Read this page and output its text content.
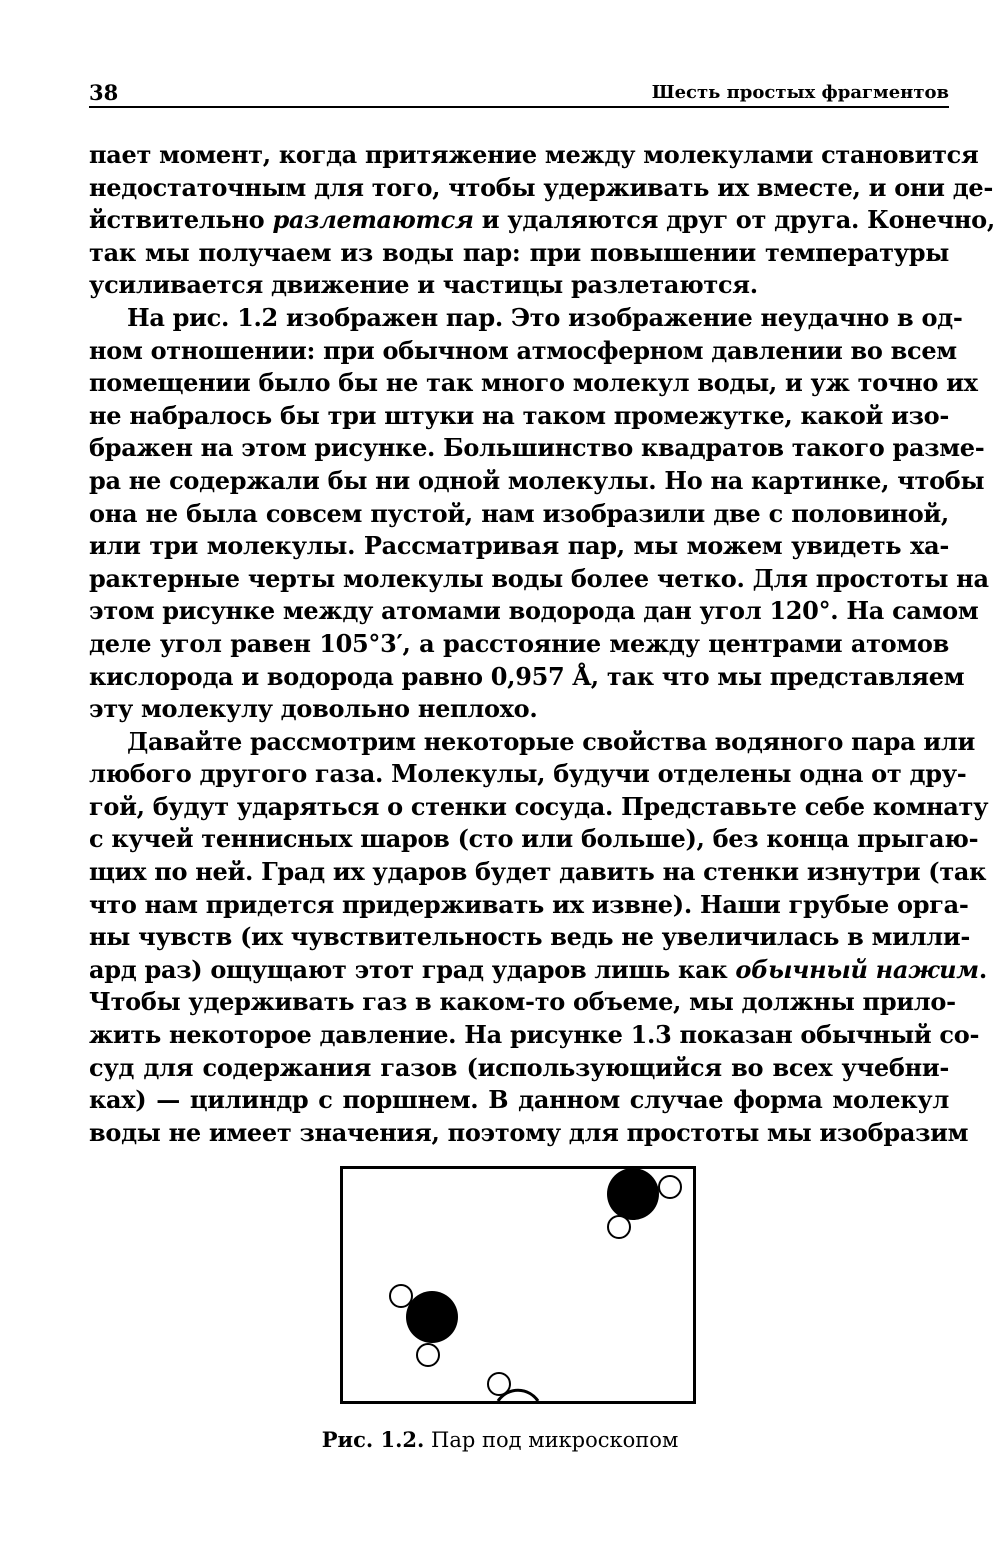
38	Шесть простых фрагментов
пает момент, когда притяжение между молекулами становится
недостаточным для того, чтобы удерживать их вместе, и они де-
йствительно разлетаются и удаляются друг от друга. Конечно,
так мы получаем из воды пар: при повышении температуры
усиливается движение и частицы разлетаются.
На рис. 1.2 изображен пар. Это изображение неудачно в од-
ном отношении: при обычном атмосферном давлении во всем
помещении было бы не так много молекул воды, и уж точно их
не набралось бы три штуки на таком промежутке, какой изо-
бражен на этом рисунке. Большинство квадратов такого разме-
ра не содержали бы ни одной молекулы. Но на картинке, чтобы
она не была совсем пустой, нам изобразили две с половиной,
или три молекулы. Рассматривая пар, мы можем увидеть ха-
рактерные черты молекулы воды более четко. Для простоты на
этом рисунке между атомами водорода дан угол 120°. На самом
деле угол равен 105°3′, а расстояние между центрами атомов
кислорода и водорода равно 0,957 Å, так что мы представляем
эту молекулу довольно неплохо.
Давайте рассмотрим некоторые свойства водяного пара или
любого другого газа. Молекулы, будучи отделены одна от дру-
гой, будут ударяться о стенки сосуда. Представьте себе комнату
с кучей теннисных шаров (сто или больше), без конца прыгаю-
щих по ней. Град их ударов будет давить на стенки изнутри (так
что нам придется придерживать их извне). Наши грубые орга-
ны чувств (их чувствительность ведь не увеличилась в милли-
ард раз) ощущают этот град ударов лишь как обычный нажим.
Чтобы удерживать газ в каком-то объеме, мы должны прило-
жить некоторое давление. На рисунке 1.3 показан обычный со-
суд для содержания газов (использующийся во всех учебни-
ках) — цилиндр с поршнем. В данном случае форма молекул
воды не имеет значения, поэтому для простоты мы изобразим
Рис. 1.2. Пар под микроскопом
